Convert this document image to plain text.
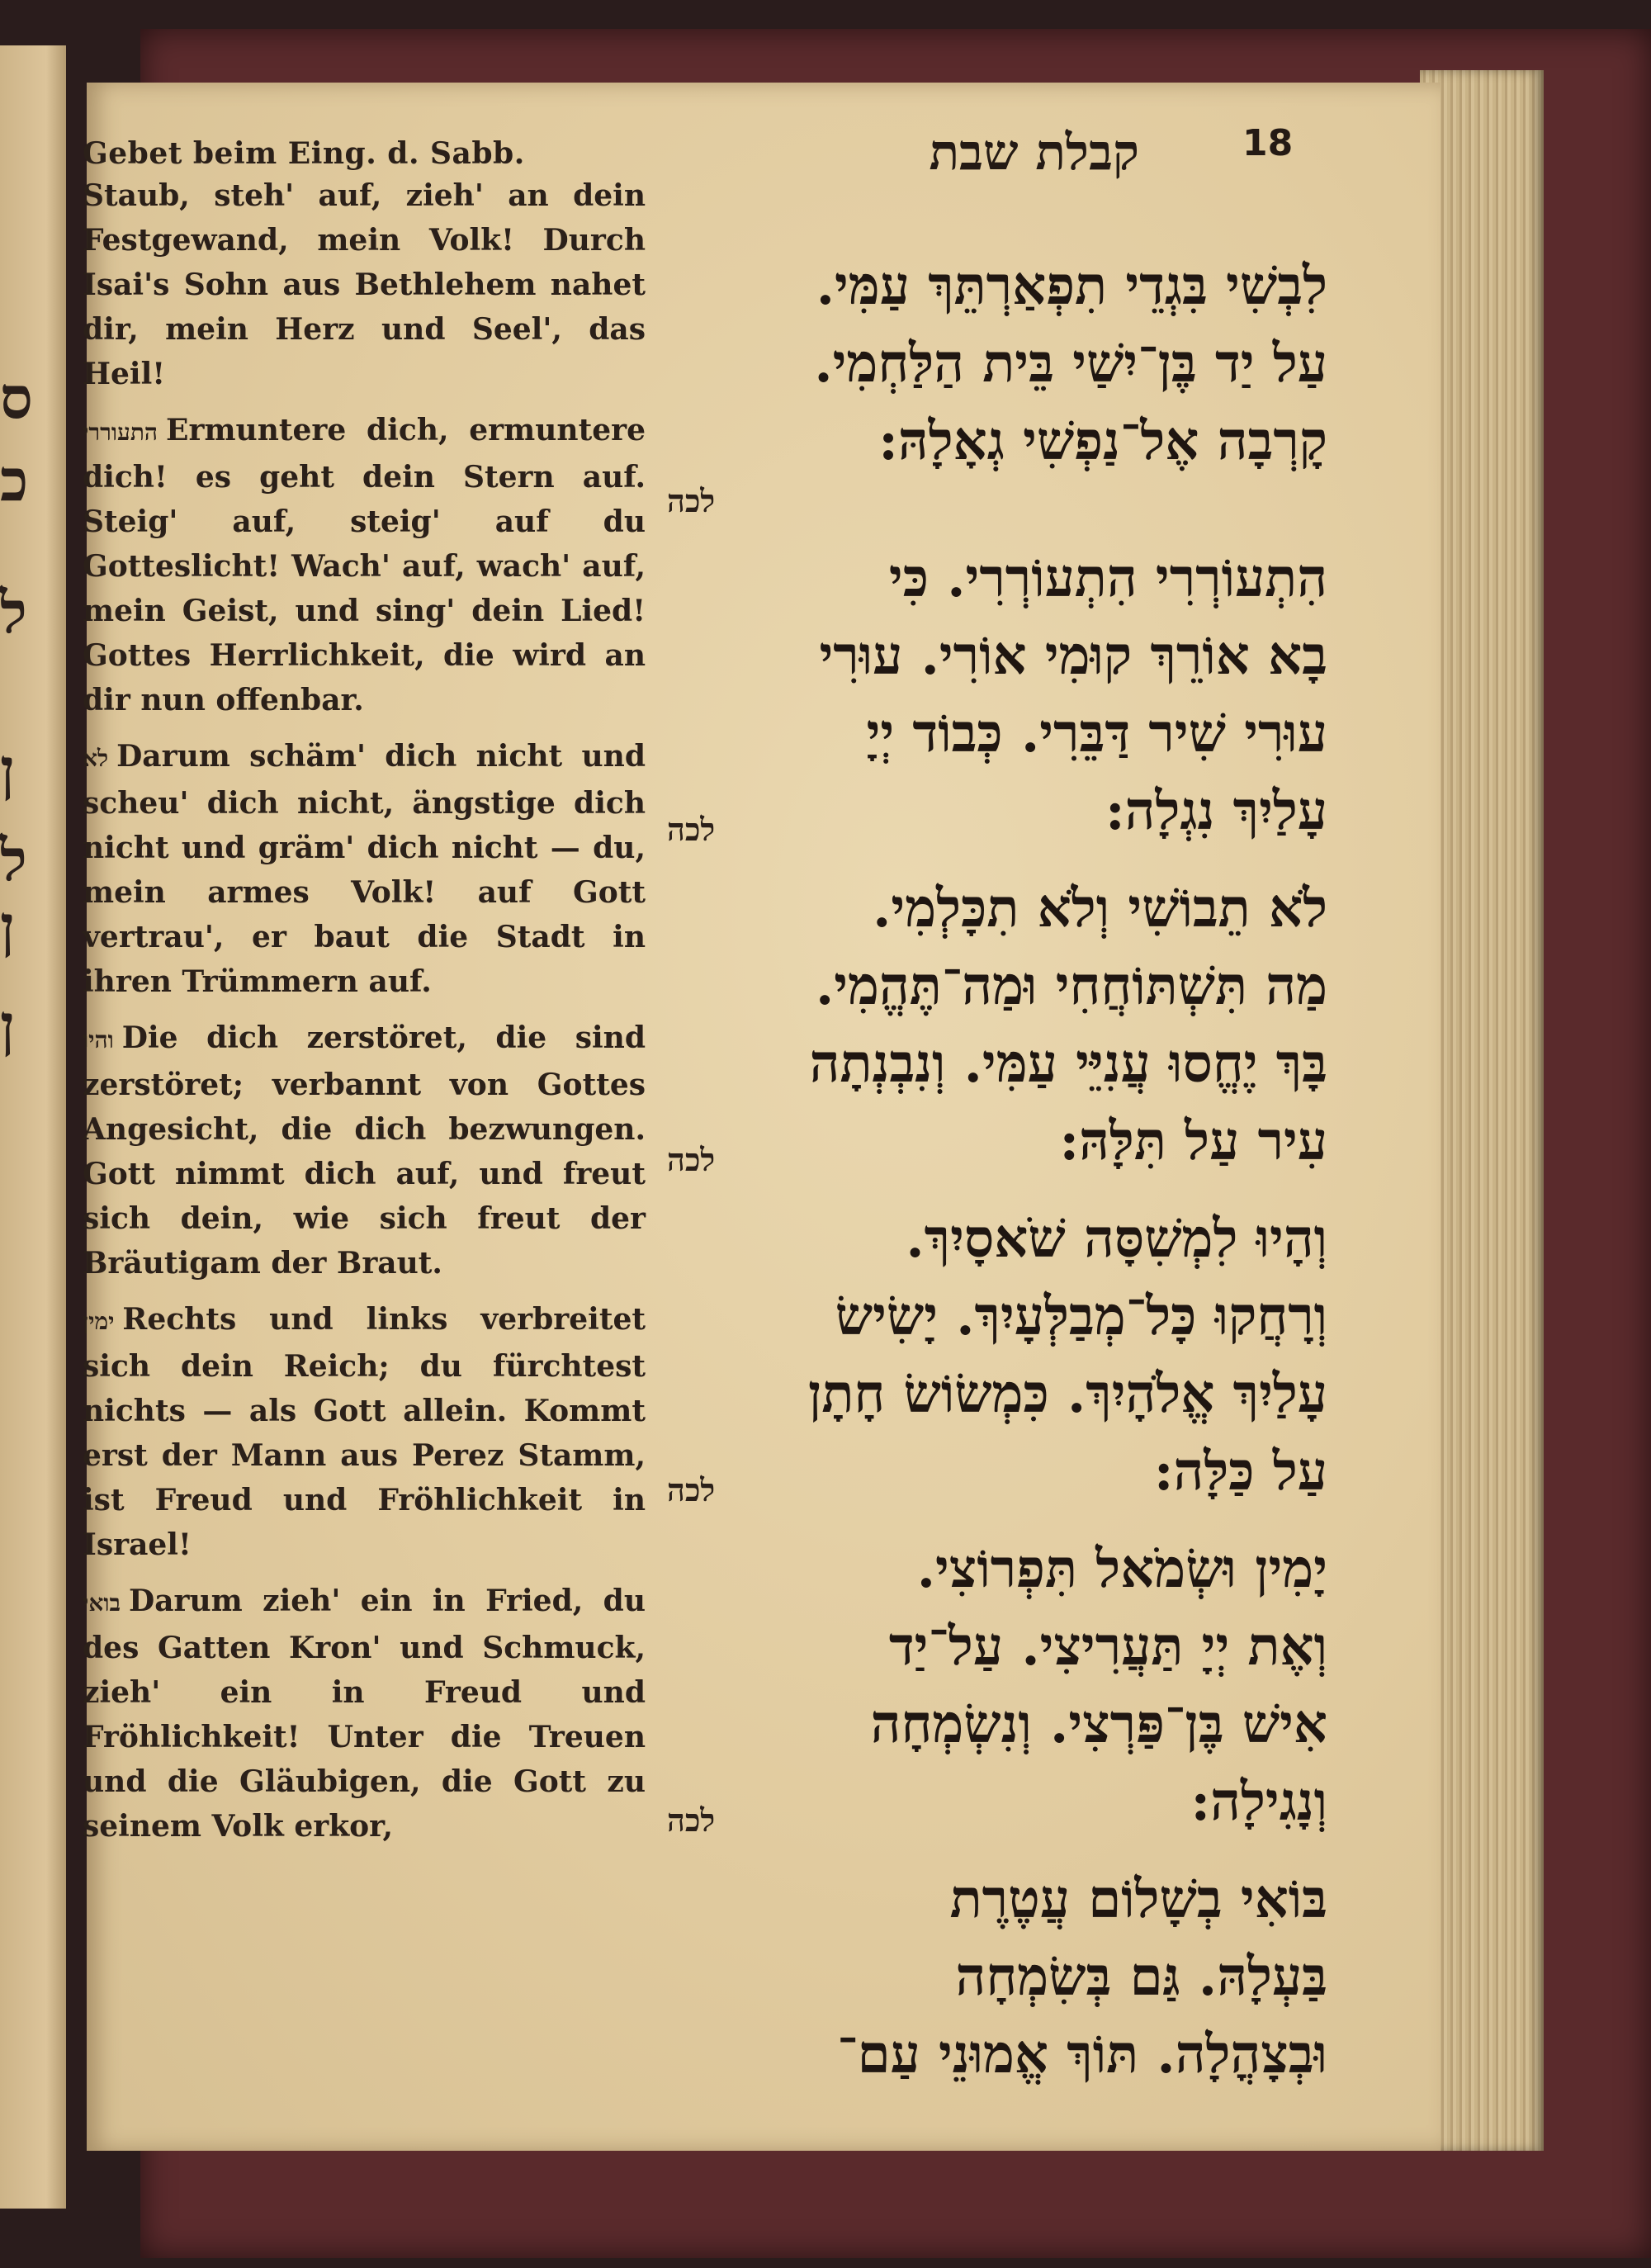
ס
כ
ל
ן
ל
ן
ן
Gebet beim Eing. d. Sabb.	קבלת שבת	18

Staub, steh' auf, zieh' an dein Festgewand, mein Volk! Durch Isai's Sohn aus Bethlehem nahet dir, mein Herz und Seel', das Heil!

התעוררי Ermuntere dich, ermuntere dich! es geht dein Stern auf. Steig' auf, steig' auf du Gotteslicht! Wach' auf, wach' auf, mein Geist, und sing' dein Lied! Gottes Herrlichkeit, die wird an dir nun offenbar.

לא Darum schäm' dich nicht und scheu' dich nicht, ängstige dich nicht und gräm' dich nicht — du, mein armes Volk! auf Gott vertrau', er baut die Stadt in ihren Trümmern auf.

והיו Die dich zerstöret, die sind zerstöret; verbannt von Gottes Angesicht, die dich bezwungen. Gott nimmt dich auf, und freut sich dein, wie sich freut der Bräutigam der Braut.

ימין Rechts und links verbreitet sich dein Reich; du fürchtest nichts — als Gott allein. Kommt erst der Mann aus Perez Stamm, ist Freud und Fröhlichkeit in Israel!

בואי Darum zieh' ein in Fried, du des Gatten Kron' und Schmuck, zieh' ein in Freud und Fröhlichkeit! Unter die Treuen und die Gläubigen, die Gott zu seinem Volk erkor,

לִבְשִׁי בִּגְדֵי תִפְאַרְתֵּךְ עַמִּי.
עַל יַד בֶּן־יִשַׁי בֵּית הַלַּחְמִי.
קָרְבָה אֶל־נַפְשִׁי גְאָלָהּ:
לכה
הִתְעוֹרְרִי הִתְעוֹרְרִי. כִּי
בָא אוֹרֵךְ קוּמִי אוֹרִי. עוּרִי
עוּרִי שִׁיר דַּבֵּרִי. כְּבוֹד יְיָ
עָלַיִךְ נִגְלָה:
לכה
לֹא תֵבוֹשִׁי וְלֹא תִכָּלְמִי.
מַה תִּשְׁתּוֹחֲחִי וּמַה־תֶּהֱמִי.
בָּךְ יֶחֱסוּ עֲנִיֵּי עַמִּי. וְנִבְנְתָה
עִיר עַל תִּלָּהּ:
לכה
וְהָיוּ לִמְשִׁסָּה שֹׁאסָיִךְ.
וְרָחֲקוּ כָּל־מְבַלְּעָיִךְ. יָשִׂישׂ
עָלַיִךְ אֱלֹהָיִךְ. כִּמְשׂוֹשׂ חָתָן
עַל כַּלָּה:
לכה
יָמִין וּשְׂמֹאל תִּפְרוֹצִי.
וְאֶת יְיָ תַּעֲרִיצִי. עַל־יַד
אִישׁ בֶּן־פַּרְצִי. וְנִשְׂמְחָה
וְנָגִילָה:
לכה
בּוֹאִי בְשָׁלוֹם עֲטֶרֶת
בַּעְלָהּ. גַּם בְּשִׂמְחָה
וּבְצָהֳלָה. תּוֹךְ אֱמוּנֵי עַם־
